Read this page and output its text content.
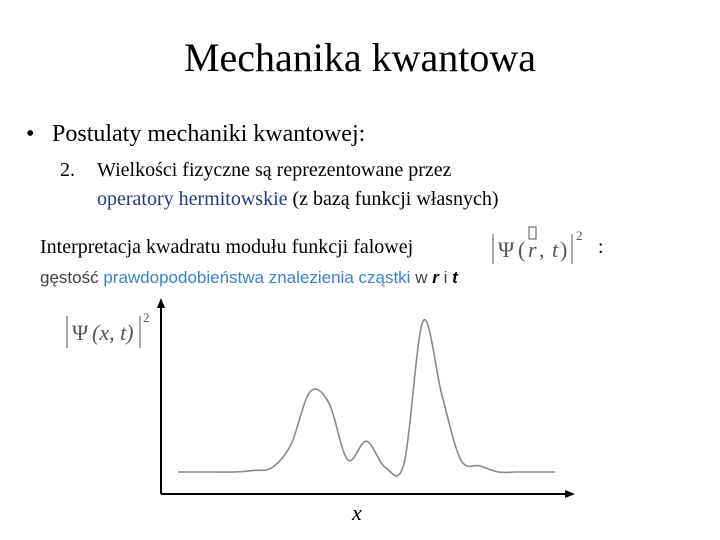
Mechanika kwantowa
• Postulaty mechaniki kwantowej:
2. Wielkości fizyczne są reprezentowane przez
operatory hermitowskie (z bazą funkcji własnych)
Interpretacja kwadratu modułu funkcji falowej	Ψ ( r , t )
2
:
gęstość prawdopodobieństwa znalezienia cząstki w r i t
Ψ (x, t)
2
x
